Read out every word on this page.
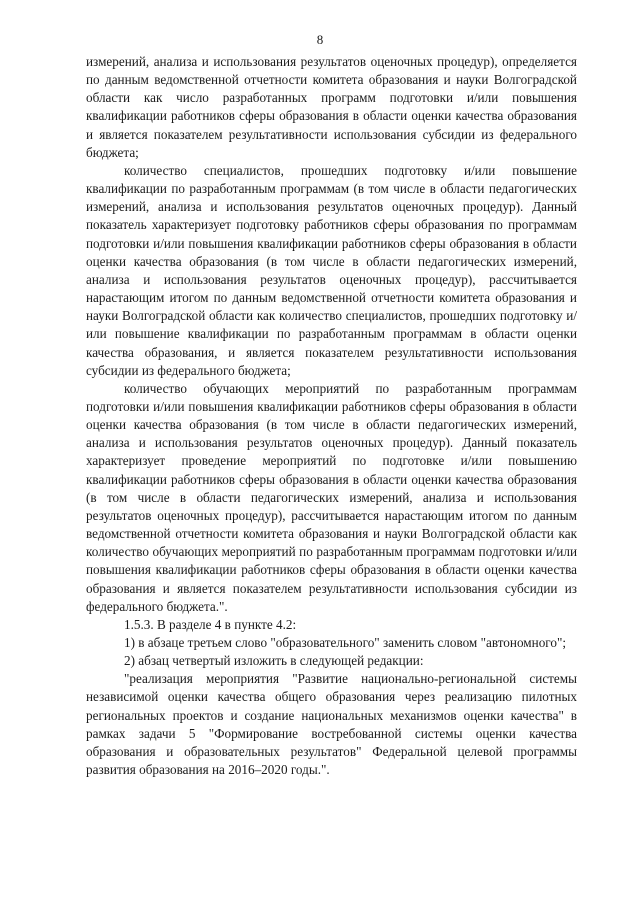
8

измерений, анализа и использования результатов оценочных процедур), определяется по данным ведомственной отчетности комитета образования и науки Волгоградской области как число разработанных программ подготовки и/или повышения квалификации работников сферы образования в области оценки качества образования и является показателем результативности использования субсидии из федерального бюджета;

количество специалистов, прошедших подготовку и/или повышение квалификации по разработанным программам (в том числе в области педагогических измерений, анализа и использования результатов оценочных процедур). Данный показатель характеризует подготовку работников сферы образования по программам подготовки и/или повышения квалификации работников сферы образования в области оценки качества образования (в том числе в области педагогических измерений, анализа и использования результатов оценочных процедур), рассчитывается нарастающим итогом по данным ведомственной отчетности комитета образования и науки Волгоградской области как количество специалистов, прошедших подготовку и/или повышение квалификации по разработанным программам в области оценки качества образования, и является показателем результативности использования субсидии из федерального бюджета;

количество обучающих мероприятий по разработанным программам подготовки и/или повышения квалификации работников сферы образования в области оценки качества образования (в том числе в области педагогических измерений, анализа и использования результатов оценочных процедур). Данный показатель характеризует проведение мероприятий по подготовке и/или повышению квалификации работников сферы образования в области оценки качества образования (в том числе в области педагогических измерений, анализа и использования результатов оценочных процедур), рассчитывается нарастающим итогом по данным ведомственной отчетности комитета образования и науки Волгоградской области как количество обучающих мероприятий по разработанным программам подготовки и/или повышения квалификации работников сферы образования в области оценки качества образования и является показателем результативности использования субсидии из федерального бюджета.".

1.5.3. В разделе 4 в пункте 4.2:

1) в абзаце третьем слово "образовательного" заменить словом "автономного";

2) абзац четвертый изложить в следующей редакции:

"реализация мероприятия "Развитие национально-региональной системы независимой оценки качества общего образования через реализацию пилотных региональных проектов и создание национальных механизмов оценки качества" в рамках задачи 5 "Формирование востребованной системы оценки качества образования и образовательных результатов" Федеральной целевой программы развития образования на 2016–2020 годы.".
